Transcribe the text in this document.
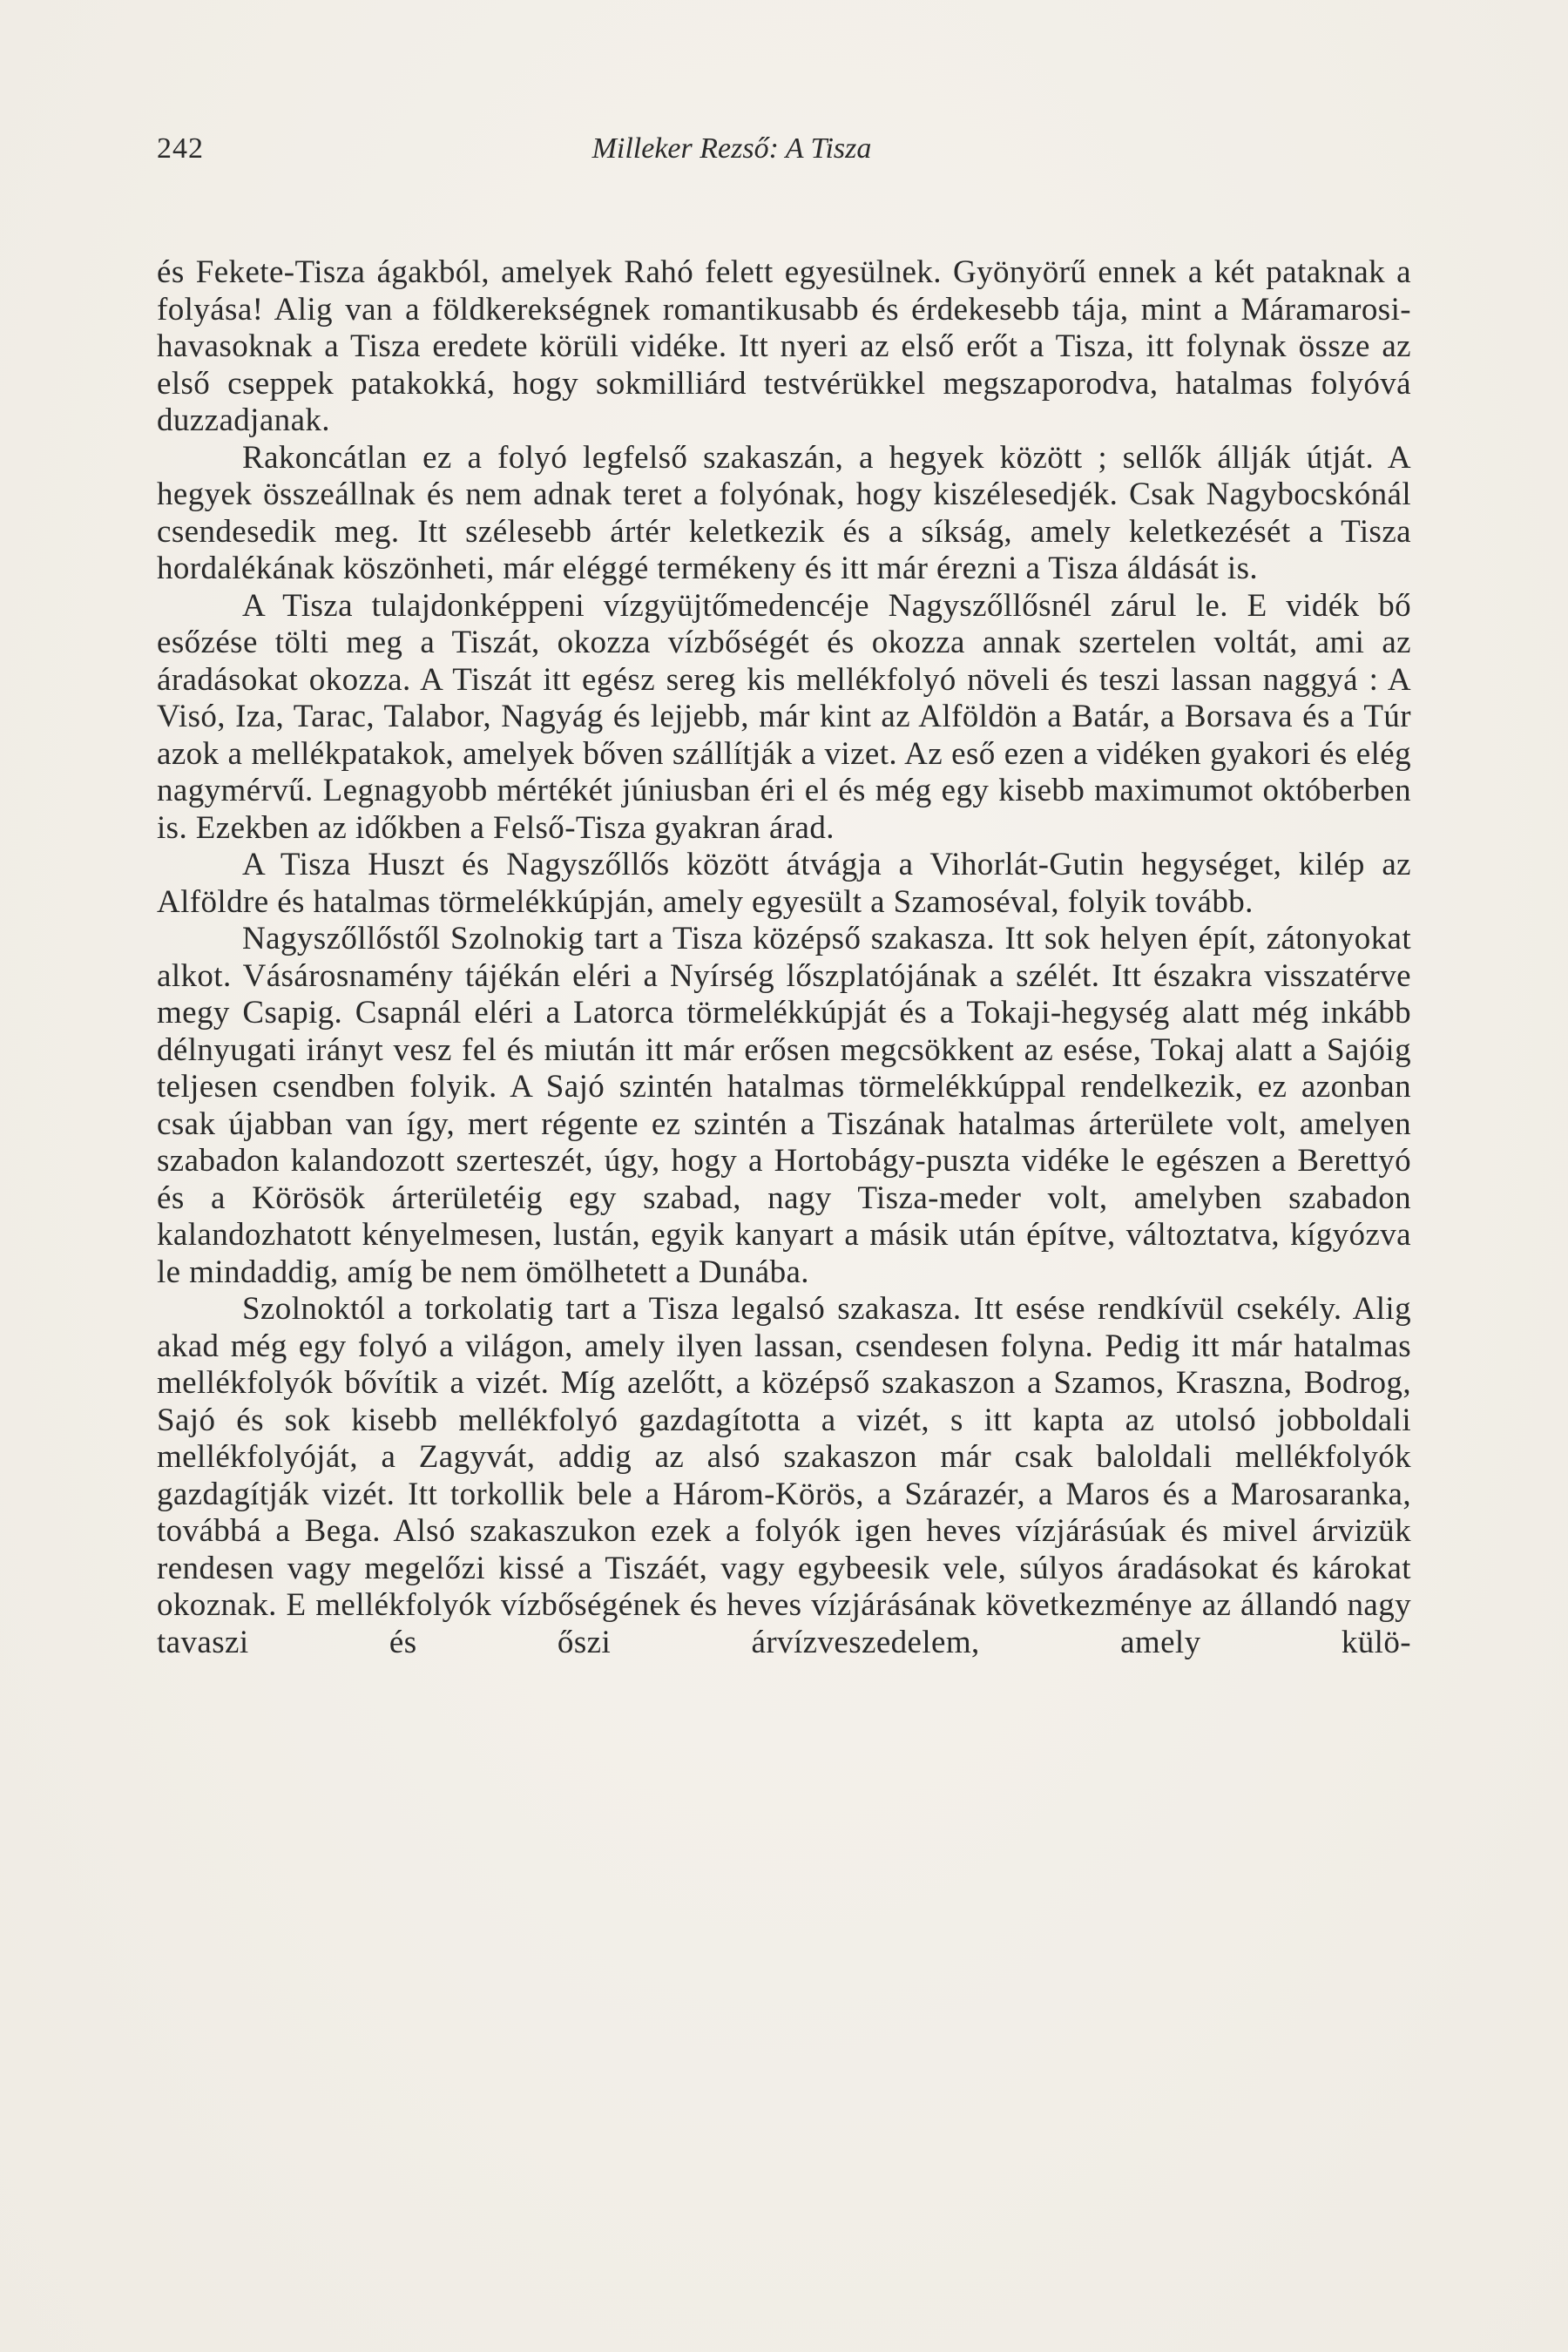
242	Milleker Rezső: A Tisza

és Fekete-Tisza ágakból, amelyek Rahó felett egyesülnek. Gyönyörű ennek a két pataknak a folyása! Alig van a földkerekségnek romantikusabb és érdekesebb tája, mint a Máramarosi-havasoknak a Tisza eredete körüli vidéke. Itt nyeri az első erőt a Tisza, itt folynak össze az első cseppek patakokká, hogy sokmilliárd testvérükkel megszaporodva, hatalmas folyóvá duzzadjanak.

Rakoncátlan ez a folyó legfelső szakaszán, a hegyek között ; sellők állják útját. A hegyek összeállnak és nem adnak teret a folyónak, hogy kiszélesedjék. Csak Nagybocskónál csendesedik meg. Itt szélesebb ártér keletkezik és a síkság, amely keletkezését a Tisza hordalékának köszönheti, már eléggé termékeny és itt már érezni a Tisza áldását is.

A Tisza tulajdonképpeni vízgyüjtőmedencéje Nagyszőllősnél zárul le. E vidék bő esőzése tölti meg a Tiszát, okozza vízbőségét és okozza annak szertelen voltát, ami az áradásokat okozza. A Tiszát itt egész sereg kis mellékfolyó növeli és teszi lassan naggyá : A Visó, Iza, Tarac, Talabor, Nagyág és lejjebb, már kint az Alföldön a Batár, a Borsava és a Túr azok a mellékpatakok, amelyek bőven szállítják a vizet. Az eső ezen a vidéken gyakori és elég nagymérvű. Legnagyobb mértékét júniusban éri el és még egy kisebb maximumot októberben is. Ezekben az időkben a Felső-Tisza gyakran árad.

A Tisza Huszt és Nagyszőllős között átvágja a Vihorlát-Gutin hegységet, kilép az Alföldre és hatalmas törmelékkúpján, amely egyesült a Szamoséval, folyik tovább.

Nagyszőllőstől Szolnokig tart a Tisza középső szakasza. Itt sok helyen épít, zátonyokat alkot. Vásárosnamény tájékán eléri a Nyírség lőszplatójának a szélét. Itt északra visszatérve megy Csapig. Csapnál eléri a Latorca törmelékkúpját és a Tokaji-hegység alatt még inkább délnyugati irányt vesz fel és miután itt már erősen megcsökkent az esése, Tokaj alatt a Sajóig teljesen csendben folyik. A Sajó szintén hatalmas törmelékkúppal rendelkezik, ez azonban csak újabban van így, mert régente ez szintén a Tiszának hatalmas árterülete volt, amelyen szabadon kalandozott szerteszét, úgy, hogy a Hortobágy-puszta vidéke le egészen a Berettyó és a Körösök árterületéig egy szabad, nagy Tisza-meder volt, amelyben szabadon kalandozhatott kényelmesen, lustán, egyik kanyart a másik után építve, változtatva, kígyózva le mindaddig, amíg be nem ömölhetett a Dunába.

Szolnoktól a torkolatig tart a Tisza legalsó szakasza. Itt esése rendkívül csekély. Alig akad még egy folyó a világon, amely ilyen lassan, csendesen folyna. Pedig itt már hatalmas mellékfolyók bővítik a vizét. Míg azelőtt, a középső szakaszon a Szamos, Kraszna, Bodrog, Sajó és sok kisebb mellékfolyó gazdagította a vizét, s itt kapta az utolsó jobboldali mellékfolyóját, a Zagyvát, addig az alsó szakaszon már csak baloldali mellékfolyók gazdagítják vizét. Itt torkollik bele a Három-Körös, a Szárazér, a Maros és a Marosaranka, továbbá a Bega. Alsó szakaszukon ezek a folyók igen heves vízjárásúak és mivel árvizük rendesen vagy megelőzi kissé a Tiszáét, vagy egybeesik vele, súlyos áradásokat és károkat okoznak. E mellékfolyók vízbőségének és heves vízjárásának következménye az állandó nagy tavaszi és őszi árvízveszedelem, amely külö-
